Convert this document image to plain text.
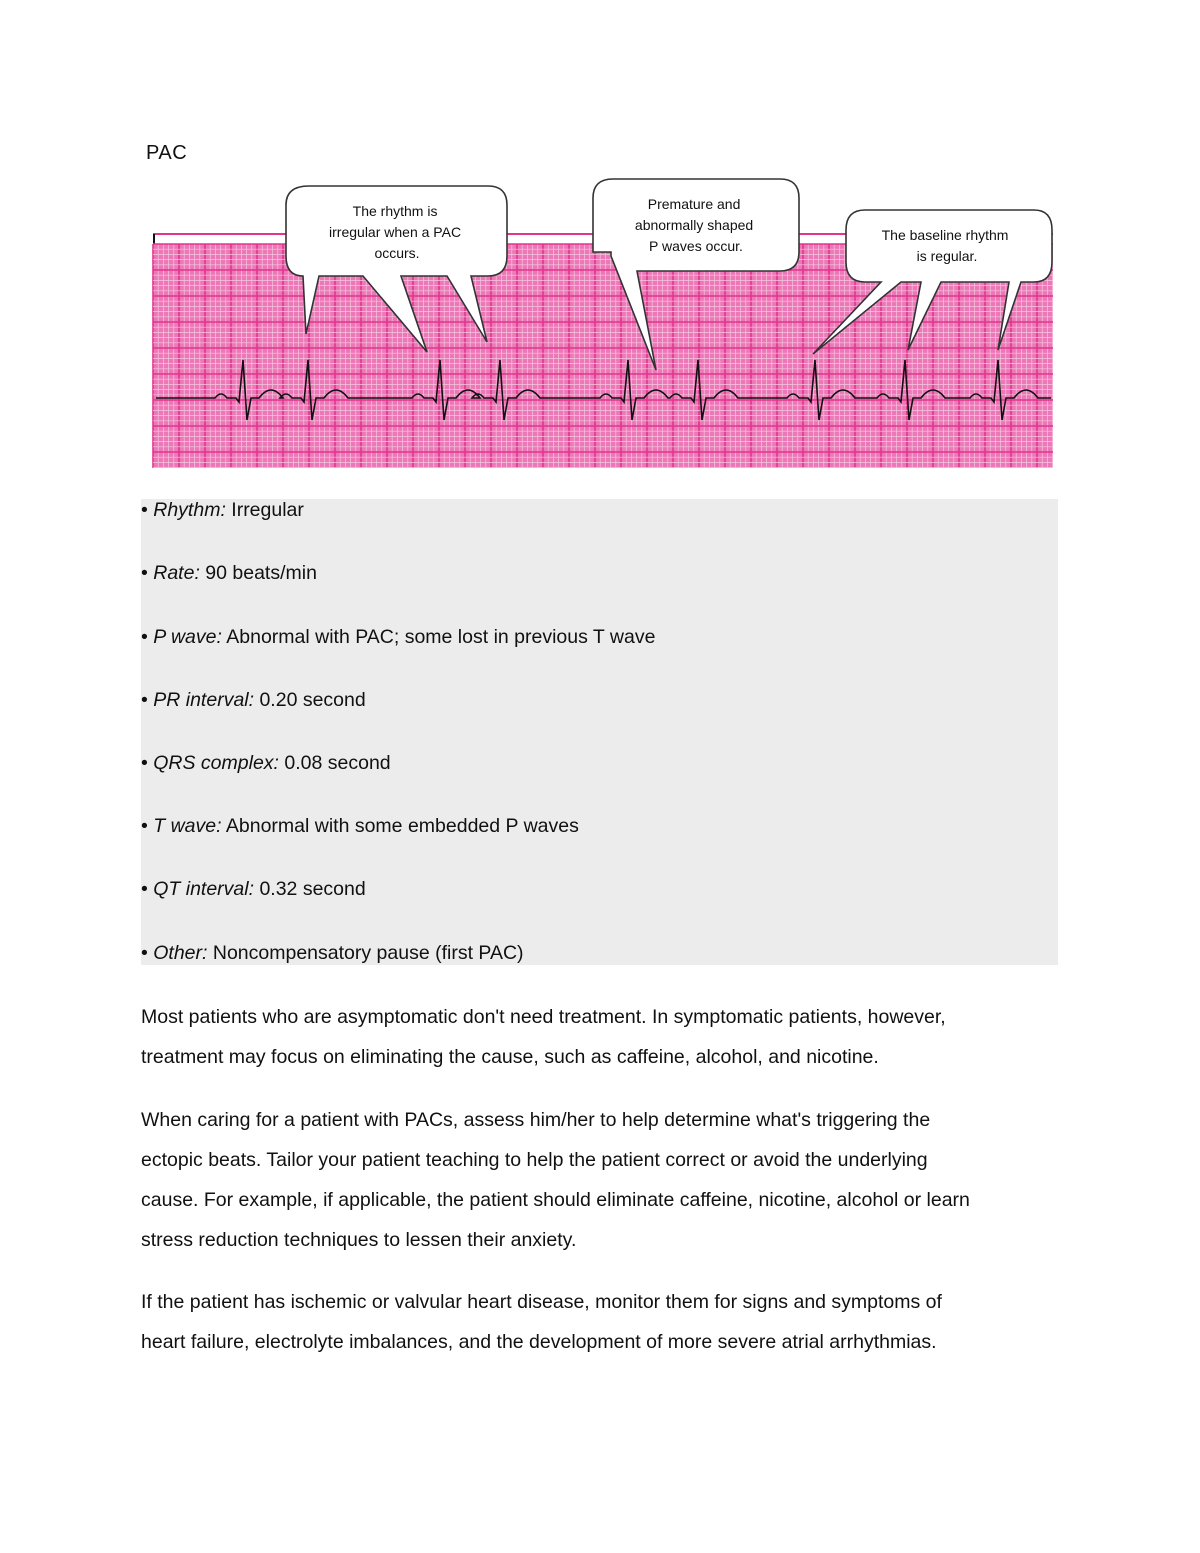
PAC
The rhythm is irregular when a PAC occurs.
Premature and abnormally shaped P waves occur.
The baseline rhythm is regular.
• Rhythm: Irregular
• Rate: 90 beats/min
• P wave: Abnormal with PAC; some lost in previous T wave
• PR interval: 0.20 second
• QRS complex: 0.08 second
• T wave: Abnormal with some embedded P waves
• QT interval: 0.32 second
• Other: Noncompensatory pause (first PAC)

Most patients who are asymptomatic don't need treatment. In symptomatic patients, however,
treatment may focus on eliminating the cause, such as caffeine, alcohol, and nicotine.

When caring for a patient with PACs, assess him/her to help determine what's triggering the
ectopic beats. Tailor your patient teaching to help the patient correct or avoid the underlying
cause. For example, if applicable, the patient should eliminate caffeine, nicotine, alcohol or learn
stress reduction techniques to lessen their anxiety.

If the patient has ischemic or valvular heart disease, monitor them for signs and symptoms of
heart failure, electrolyte imbalances, and the development of more severe atrial arrhythmias.
